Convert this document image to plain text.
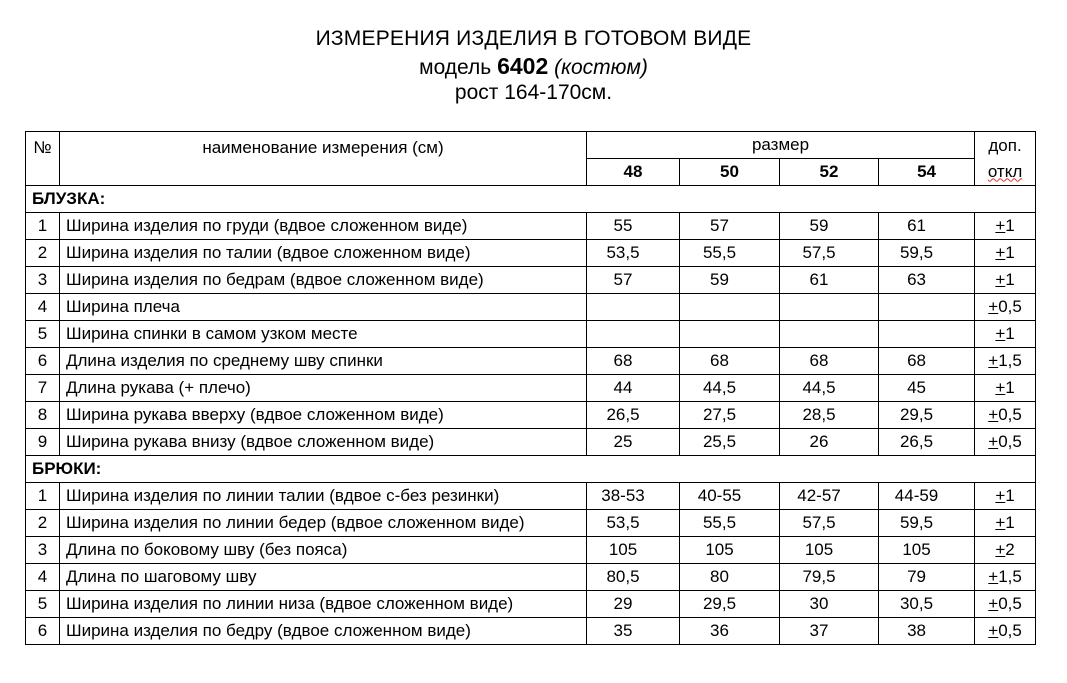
ИЗМЕРЕНИЯ ИЗДЕЛИЯ В ГОТОВОМ ВИДЕ
модель 6402 (костюм)
рост 164-170см.
№	наименование измерения (см)	размер				доп.
откл

		48	50	52	54	
БЛУЗКА:						
1	Ширина изделия по груди (вдвое сложенном виде)	55	57	59	61	+1
2	Ширина изделия по талии (вдвое сложенном виде)	53,5	55,5	57,5	59,5	+1
3	Ширина изделия по бедрам (вдвое сложенном виде)	57	59	61	63	+1
4	Ширина плеча					+0,5
5	Ширина спинки в самом узком месте					+1
6	Длина изделия по среднему шву спинки	68	68	68	68	+1,5
7	Длина рукава (+ плечо)	44	44,5	44,5	45	+1
8	Ширина рукава вверху (вдвое сложенном виде)	26,5	27,5	28,5	29,5	+0,5
9	Ширина рукава внизу (вдвое сложенном виде)	25	25,5	26	26,5	+0,5
БРЮКИ:						
1	Ширина изделия по линии талии (вдвое с-без резинки)	38-53	40-55	42-57	44-59	+1
2	Ширина изделия по линии бедер (вдвое сложенном виде)	53,5	55,5	57,5	59,5	+1
3	Длина по боковому шву (без пояса)	105	105	105	105	+2
4	Длина по шаговому шву	80,5	80	79,5	79	+1,5
5	Ширина изделия по линии низа (вдвое сложенном виде)	29	29,5	30	30,5	+0,5
6	Ширина изделия по бедру (вдвое сложенном виде)	35	36	37	38	+0,5
